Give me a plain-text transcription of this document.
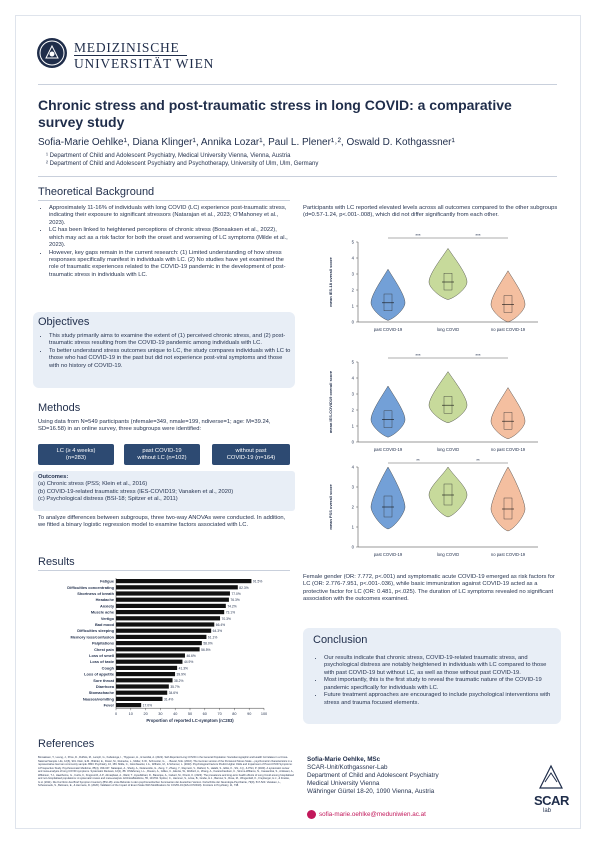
MEDIZINISCHE
UNIVERSITÄT WIEN
Chronic stress and post-traumatic stress in long COVID: a comparative survey study
Sofia-Marie Oehlke¹, Diana Klinger¹, Annika Lozar¹, Paul L. Plener¹˒², Oswald D. Kothgassner¹
¹ Department of Child and Adolescent Psychiatry, Medical University Vienna, Vienna, Austria
² Department of Child and Adolescent Psychiatry and Psychotherapy, University of Ulm, Ulm, Germany
Theoretical Background
• Approximately 11-16% of individuals with long COVID (LC) experience post-traumatic stress, indicating their exposure to significant stressors (Natarajan et al., 2023; O'Mahoney et al., 2023).
• LC has been linked to heightened perceptions of chronic stress (Bonsaksen et al., 2022), which may act as a risk factor for both the onset and worsening of LC symptoms (Milde et al., 2023).
• However, key gaps remain in the current research: (1) Limited understanding of how stress responses specifically manifest in individuals with LC. (2) No studies have yet examined the role of traumatic experiences related to the COVID-19 pandemic in the development of post-traumatic stress in individuals with LC.
Objectives
• This study primarily aims to examine the extent of (1) perceived chronic stress, and (2) post-traumatic stress resulting from the COVID-19 pandemic among individuals with LC.
• To better understand stress outcomes unique to LC, the study compares individuals with LC to those who had COVID-19 in the past but did not experience post-viral symptoms and those with no history of COVID-19.
Methods
Using data from N=549 participants (nfemale=349, nmale=199, ndiverse=1; age: M=39.24, SD=16.58) in an online survey, three subgroups were identified:
LC (≥ 4 weeks)
(n=283)
past COVID-19
without LC (n=102)
without past
COVID-19 (n=164)
Outcomes:
(a) Chronic stress (PSS; Klein et al., 2016)
(b) COVID-19-related traumatic stress (IES-COVID19; Vanaken et al., 2020)
(c) Psychological distress (BSI-18; Spitzer et al., 2011)
To analyze differences between subgroups, three two-way ANOVAs were conducted. In addition, we fitted a binary logistic regression model to examine factors associated with LC.
Results
0	10	20	30	40	50	60	70	80	90	100
Fatigue	91.5%
Difficulties concentrating	82.3%
Shortness of breath	77.0%
Headache	76.3%
Anxiety	74.2%
Muscle ache	73.1%
Vertigo	70.3%
Bad mood	66.4%
Difficulties sleeping	64.3%
Memory loss/confusion	61.1%
Palpitations	58.0%
Chest pain	56.5%
Loss of smell	46.6%
Loss of taste	44.9%
Cough	41.3%
Loss of appetite	39.9%
Sore throat	38.2%
Diarrhoea	35.7%
Stomachache	34.6%
Nausea/vomiting	31.4%
Fever	17.0%
Proportion of reported LC-symptom (n=283)
Participants with LC reported elevated levels across all outcomes compared to the other subgroups (d=0.57-1.24, p<.001-.008), which did not differ significantly from each other.
0
1
2
3
4
5
mean IES-18 overall score
past COVID-19	long COVID	no past COVID-19
***	***
0
1
2
3
4
5
mean IES-COVID19 overall score
past COVID-19	long COVID	no past COVID-19
***	***
0
1
2
3
4
mean PSS overall score
past COVID-19	long COVID	no past COVID-19
**	**
Female gender (OR: 7.772, p<.001) and symptomatic acute COVID-19 emerged as risk factors for LC (OR: 2.776-7.951, p<.001-.036), while basic immunization against COVID-19 acted as a protective factor for LC (OR: 0.481, p<.025). The duration of LC symptoms revealed no significant association with the outcomes examined.
Conclusion
• Our results indicate that chronic stress, COVID-19-related traumatic stress, and psychological distress are notably heightened in individuals with LC compared to those with past COVID-19 but without LC, as well as those without past COVID-19.
• Most importantly, this is the first study to reveal the traumatic nature of the COVID-19 pandemic specifically for individuals with LC.
• Future treatment approaches are encouraged to include psychological interventions with stress and trauma focused elements.
References
Bonsaksen, T., Leung, J., Price, D., Ruffolo, M., Lamph, G., Kabelenga, I., Thygesen, H., & Geirdal, A. (2022). Self-Reported Long COVID in the General Population: Sociodemographic and Health Correlates in a Cross-National Sample. Life, 12(6), 901. Klein, E.M., Brähler, E., Dreier, M., Reinecke, L., Müller, K.W., Schmutzer, G., ... Beutel, M.E. (2016). The German version of the Perceived Stress Scale – psychometric characteristics in a representative German community sample. BMC Psychiatry, 16, 159. Milde, C., Glombiewski, J.A., Wilhelm, M., & Schemer, L. (2023). Psychological Factors Predict Higher Odds and Impairment of Post-COVID Symptoms: A Prospective Study. Psychosomatic Medicine, 85(4), 339-347. Natarajan, A., Shetty, A., Delanerolle, G., Zeng, Y., Zhang, Y., Raymont, V., Rathod, S., Halabi, S., Elliot, K., Shi, J.Q., & Phiri, P. (2023). A systematic review and meta-analysis of long COVID symptoms. Systematic Reviews, 12(1), 88. O'Mahoney, L.L., Routen, A., Gillies, C., Ekezie, W., Welford, A., Zhang, A., Karamchandani, U., Simms-Williams, N., Cassambai, S., Ardavani, A., Wilkinson, T.J., Hawthorne, G., Curtis, F., Kingsnorth, A.P., Almaqhawi, A., Ward, T., Ayoubkhani, D., Banerjee, A., Calvert, M., Khunti, K. (2023). The prevalence and long-term health effects of Long Covid among hospitalised and non-hospitalised populations: A systematic review and meta-analysis. EClinicalMedicine, 55, 101762. Spitzer, C., Hammer, S., Löwe, B., Grabe, H.J., Barnow, S., Rose, M., Wingenfeld, K., Freyberger, H.J., & Franke, G.H. (2011). Die Kurzform des Brief Symptom Inventory (BSI-18): erste Befunde zu den psychometrischen Kennwerten der deutschen Version. Fortschritte der Neurologie-Psychiatrie, 79(9), 517-523. Vanaken, L., Scheveneels, S., Belmans, E., & Hermans, D. (2020). Validation of the Impact of Event Scale With Modifications for COVID-19 (IES-COVID19). Frontiers in Psychiatry, 11, 738.
Sofia-Marie Oehlke, MSc
SCAR-Unit/Kothgassner-Lab
Department of Child and Adolescent Psychiatry
Medical University Vienna
Währinger Gürtel 18-20, 1090 Vienna, Austria
sofia-marie.oehlke@meduniwien.ac.at
SCAR
lab
